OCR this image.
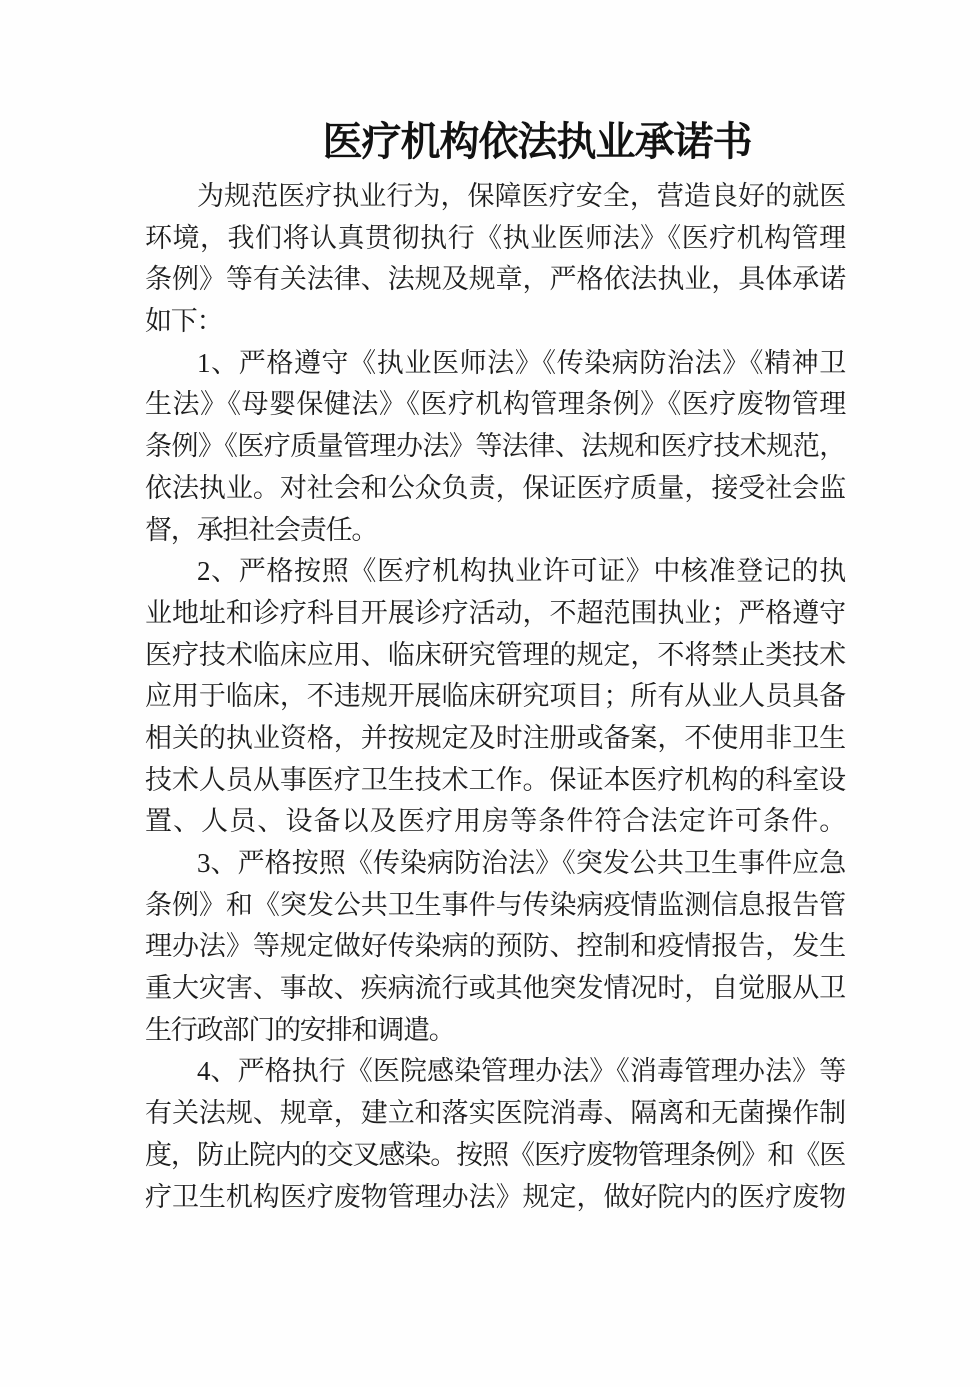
医疗机构依法执业承诺书
为规范医疗执业行为，保障医疗安全，营造良好的就医
环境，我们将认真贯彻执行《执业医师法》《医疗机构管理
条例》等有关法律、法规及规章，严格依法执业，具体承诺
如下：
1、严格遵守《执业医师法》《传染病防治法》《精神卫
生法》《母婴保健法》《医疗机构管理条例》《医疗废物管理
条例》《医疗质量管理办法》等法律、法规和医疗技术规范，
依法执业。对社会和公众负责，保证医疗质量，接受社会监
督，承担社会责任。
2、严格按照《医疗机构执业许可证》中核准登记的执
业地址和诊疗科目开展诊疗活动，不超范围执业；严格遵守
医疗技术临床应用、临床研究管理的规定，不将禁止类技术
应用于临床，不违规开展临床研究项目；所有从业人员具备
相关的执业资格，并按规定及时注册或备案，不使用非卫生
技术人员从事医疗卫生技术工作。保证本医疗机构的科室设
置、人员、设备以及医疗用房等条件符合法定许可条件。
3、严格按照《传染病防治法》《突发公共卫生事件应急
条例》和《突发公共卫生事件与传染病疫情监测信息报告管
理办法》等规定做好传染病的预防、控制和疫情报告，发生
重大灾害、事故、疾病流行或其他突发情况时，自觉服从卫
生行政部门的安排和调遣。
4、严格执行《医院感染管理办法》《消毒管理办法》等
有关法规、规章，建立和落实医院消毒、隔离和无菌操作制
度，防止院内的交叉感染。按照《医疗废物管理条例》和《医
疗卫生机构医疗废物管理办法》规定，做好院内的医疗废物
